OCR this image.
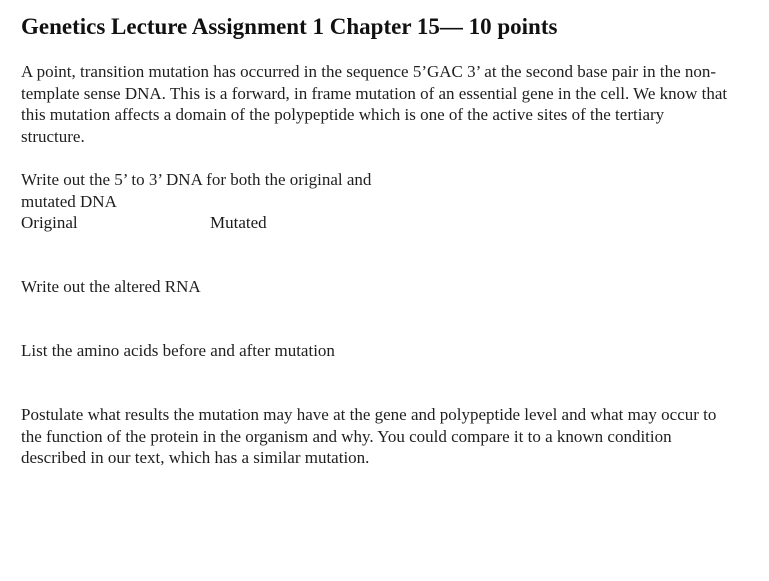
Genetics Lecture Assignment 1 Chapter 15— 10 points

A point, transition mutation has occurred in the sequence 5’GAC 3’ at the second base pair in the non-template sense DNA. This is a forward, in frame mutation of an essential gene in the cell. We know that this mutation affects a domain of the polypeptide which is one of the active sites of the tertiary structure.

Write out the 5’ to 3’ DNA for both the original and mutated DNA

Original	Mutated

Write out the altered RNA

List the amino acids before and after mutation

Postulate what results the mutation may have at the gene and polypeptide level and what may occur to the function of the protein in the organism and why. You could compare it to a known condition described in our text, which has a similar mutation.
